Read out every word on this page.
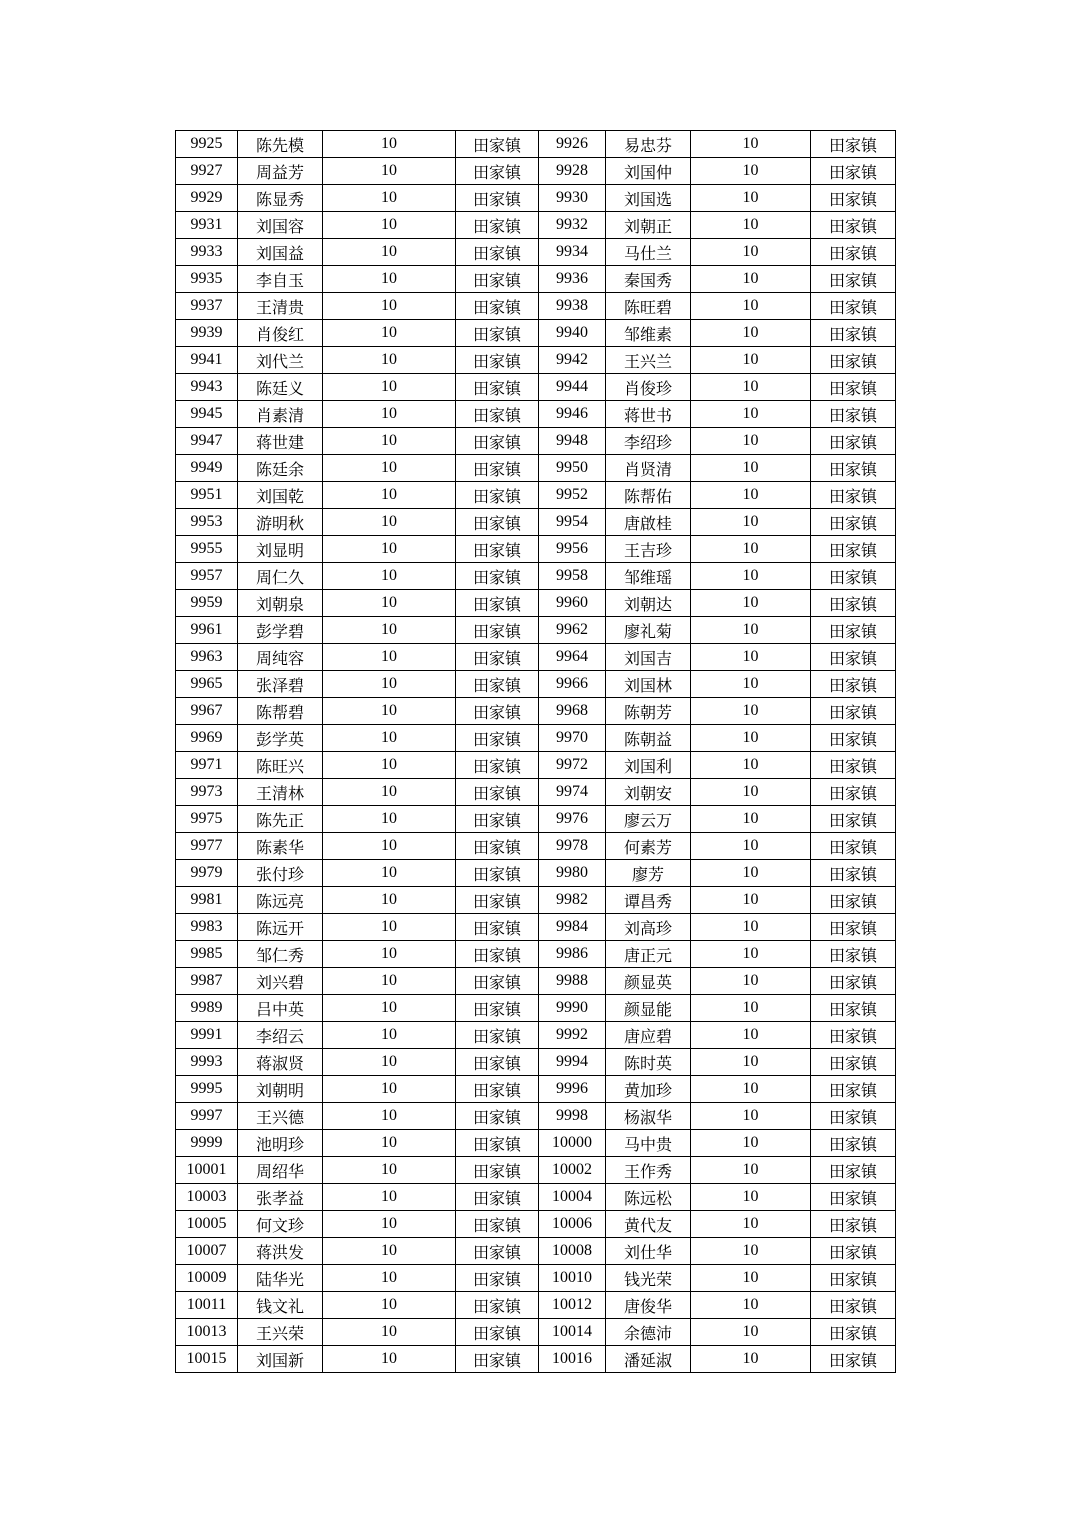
9925	陈先模	10	田家镇	9926	易忠芬	10	田家镇
9927	周益芳	10	田家镇	9928	刘国仲	10	田家镇
9929	陈显秀	10	田家镇	9930	刘国选	10	田家镇
9931	刘国容	10	田家镇	9932	刘朝正	10	田家镇
9933	刘国益	10	田家镇	9934	马仕兰	10	田家镇
9935	李自玉	10	田家镇	9936	秦国秀	10	田家镇
9937	王清贵	10	田家镇	9938	陈旺碧	10	田家镇
9939	肖俊红	10	田家镇	9940	邹维素	10	田家镇
9941	刘代兰	10	田家镇	9942	王兴兰	10	田家镇
9943	陈廷义	10	田家镇	9944	肖俊珍	10	田家镇
9945	肖素清	10	田家镇	9946	蒋世书	10	田家镇
9947	蒋世建	10	田家镇	9948	李绍珍	10	田家镇
9949	陈廷余	10	田家镇	9950	肖贤清	10	田家镇
9951	刘国乾	10	田家镇	9952	陈帮佑	10	田家镇
9953	游明秋	10	田家镇	9954	唐啟桂	10	田家镇
9955	刘显明	10	田家镇	9956	王吉珍	10	田家镇
9957	周仁久	10	田家镇	9958	邹维瑶	10	田家镇
9959	刘朝泉	10	田家镇	9960	刘朝达	10	田家镇
9961	彭学碧	10	田家镇	9962	廖礼菊	10	田家镇
9963	周纯容	10	田家镇	9964	刘国吉	10	田家镇
9965	张泽碧	10	田家镇	9966	刘国林	10	田家镇
9967	陈帮碧	10	田家镇	9968	陈朝芳	10	田家镇
9969	彭学英	10	田家镇	9970	陈朝益	10	田家镇
9971	陈旺兴	10	田家镇	9972	刘国利	10	田家镇
9973	王清林	10	田家镇	9974	刘朝安	10	田家镇
9975	陈先正	10	田家镇	9976	廖云万	10	田家镇
9977	陈素华	10	田家镇	9978	何素芳	10	田家镇
9979	张付珍	10	田家镇	9980	廖芳	10	田家镇
9981	陈远亮	10	田家镇	9982	谭昌秀	10	田家镇
9983	陈远开	10	田家镇	9984	刘高珍	10	田家镇
9985	邹仁秀	10	田家镇	9986	唐正元	10	田家镇
9987	刘兴碧	10	田家镇	9988	颜显英	10	田家镇
9989	吕中英	10	田家镇	9990	颜显能	10	田家镇
9991	李绍云	10	田家镇	9992	唐应碧	10	田家镇
9993	蒋淑贤	10	田家镇	9994	陈时英	10	田家镇
9995	刘朝明	10	田家镇	9996	黄加珍	10	田家镇
9997	王兴德	10	田家镇	9998	杨淑华	10	田家镇
9999	池明珍	10	田家镇	10000	马中贵	10	田家镇
10001	周绍华	10	田家镇	10002	王作秀	10	田家镇
10003	张孝益	10	田家镇	10004	陈远松	10	田家镇
10005	何文珍	10	田家镇	10006	黄代友	10	田家镇
10007	蒋洪发	10	田家镇	10008	刘仕华	10	田家镇
10009	陆华光	10	田家镇	10010	钱光荣	10	田家镇
10011	钱文礼	10	田家镇	10012	唐俊华	10	田家镇
10013	王兴荣	10	田家镇	10014	余德沛	10	田家镇
10015	刘国新	10	田家镇	10016	潘延淑	10	田家镇
